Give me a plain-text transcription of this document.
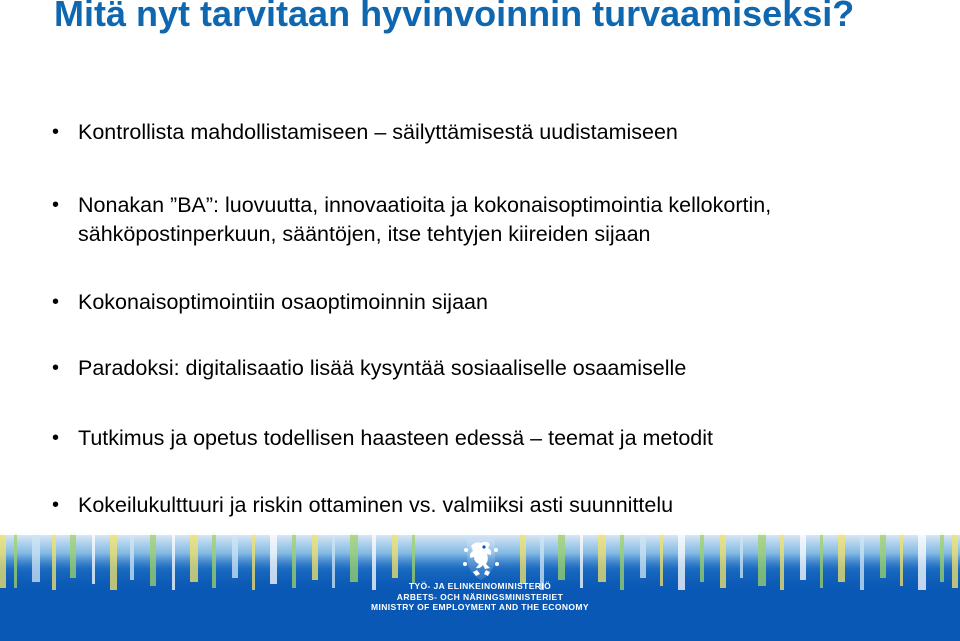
Mitä nyt tarvitaan hyvinvoinnin turvaamiseksi?
• Kontrollista mahdollistamiseen – säilyttämisestä uudistamiseen
• Nonakan ”BA”: luovuutta, innovaatioita ja kokonaisoptimointia kellokortin, sähköpostinperkuun, sääntöjen, itse tehtyjen kiireiden sijaan
• Kokonaisoptimointiin osaoptimoinnin sijaan
• Paradoksi: digitalisaatio lisää kysyntää sosiaaliselle osaamiselle
• Tutkimus ja opetus todellisen haasteen edessä – teemat ja metodit
• Kokeilukulttuuri ja riskin ottaminen vs. valmiiksi asti suunnittelu
TYÖ- JA ELINKEINOMINISTERIÖ
ARBETS- OCH NÄRINGSMINISTERIET
MINISTRY OF EMPLOYMENT AND THE ECONOMY
